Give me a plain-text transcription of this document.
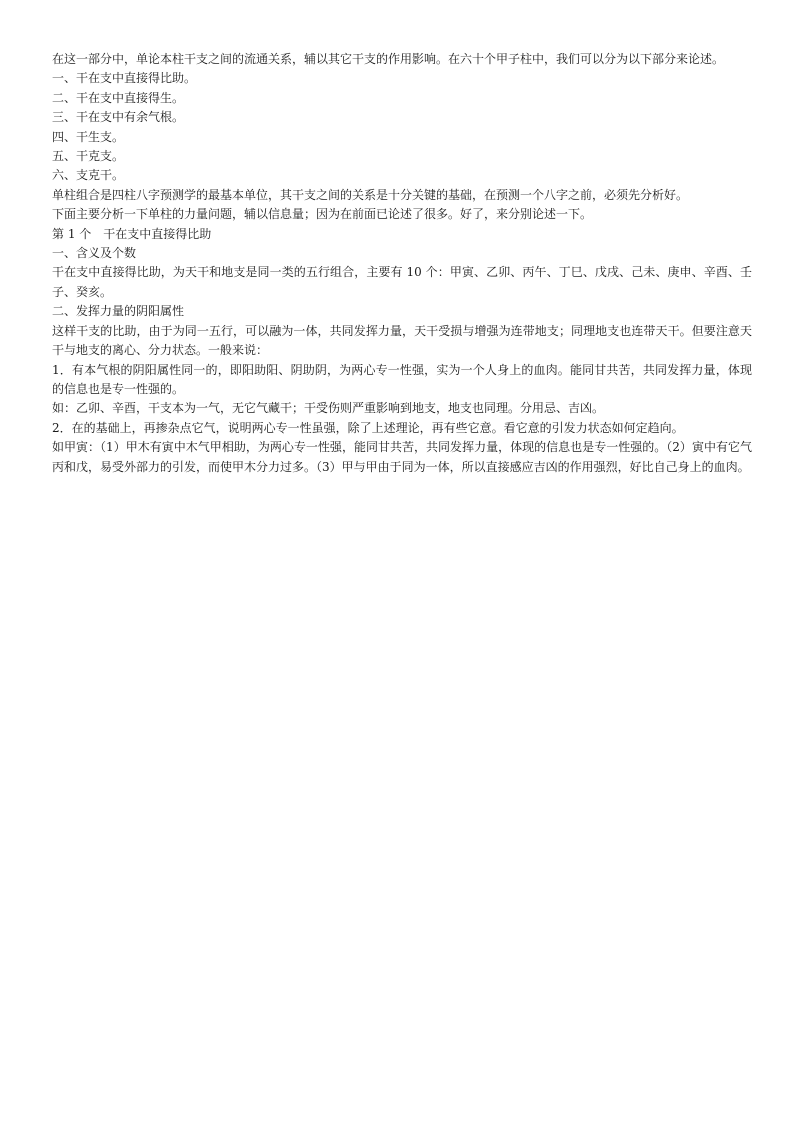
在这一部分中，单论本柱干支之间的流通关系，辅以其它干支的作用影响。在六十个甲子柱中，我们可以分为以下部分来论述。

一、干在支中直接得比助。

二、干在支中直接得生。

三、干在支中有余气根。

四、干生支。

五、干克支。

六、支克干。

单柱组合是四柱八字预测学的最基本单位，其干支之间的关系是十分关键的基础，在预测一个八字之前，必须先分析好。

下面主要分析一下单柱的力量问题，辅以信息量；因为在前面已论述了很多。好了，来分别论述一下。

第 1 个　干在支中直接得比助

一、含义及个数

干在支中直接得比助，为天干和地支是同一类的五行组合，主要有 10 个：甲寅、乙卯、丙午、丁巳、戊戌、己未、庚申、辛酉、壬子、癸亥。

二、发挥力量的阴阳属性

这样干支的比助，由于为同一五行，可以融为一体，共同发挥力量，天干受损与增强为连带地支；同理地支也连带天干。但要注意天干与地支的离心、分力状态。一般来说：

1．有本气根的阴阳属性同一的，即阳助阳、阴助阴，为两心专一性强，实为一个人身上的血肉。能同甘共苦，共同发挥力量，体现的信息也是专一性强的。

如：乙卯、辛酉，干支本为一气，无它气藏干；干受伤则严重影响到地支，地支也同理。分用忌、吉凶。

2．在的基础上，再掺杂点它气，说明两心专一性虽强，除了上述理论，再有些它意。看它意的引发力状态如何定趋向。

如甲寅：（1）甲木有寅中木气甲相助，为两心专一性强，能同甘共苦，共同发挥力量，体现的信息也是专一性强的。（2）寅中有它气丙和戊，易受外部力的引发，而使甲木分力过多。（3）甲与甲由于同为一体，所以直接感应吉凶的作用强烈，好比自己身上的血肉。
